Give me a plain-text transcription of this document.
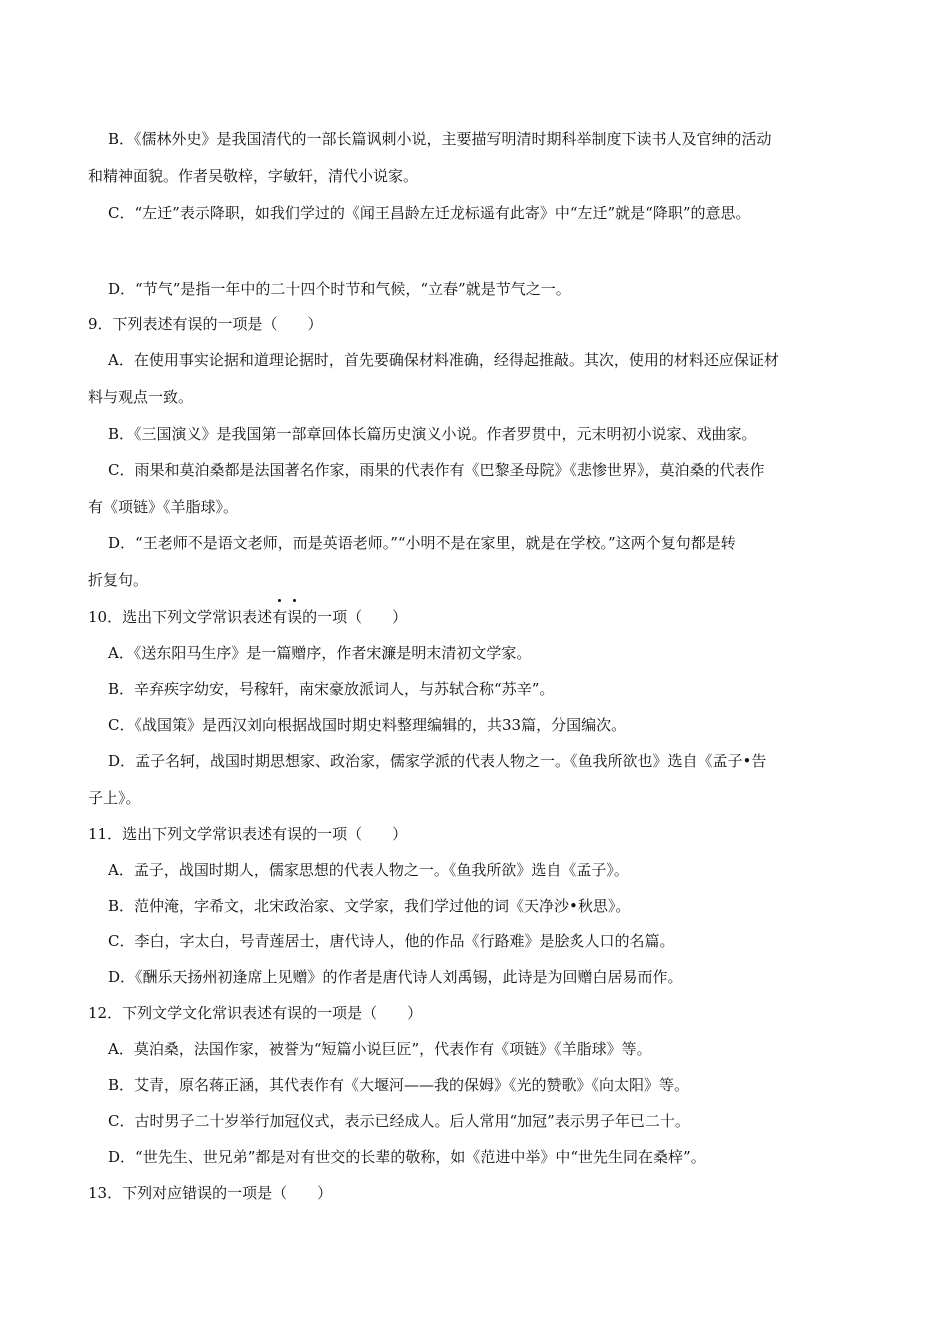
B．《儒林外史》是我国清代的一部长篇讽刺小说，主要描写明清时期科举制度下读书人及官绅的活动
和精神面貌。作者吴敬梓，字敏轩，清代小说家。
C．“左迁”表示降职，如我们学过的《闻王昌龄左迁龙标遥有此寄》中“左迁”就是“降职”的意思。
D．“节气”是指一年中的二十四个时节和气候，“立春”就是节气之一。
9．下列表述有误的一项是（　　）
A．在使用事实论据和道理论据时，首先要确保材料准确，经得起推敲。其次，使用的材料还应保证材
料与观点一致。
B．《三国演义》是我国第一部章回体长篇历史演义小说。作者罗贯中，元末明初小说家、戏曲家。
C．雨果和莫泊桑都是法国著名作家，雨果的代表作有《巴黎圣母院》《悲惨世界》，莫泊桑的代表作
有《项链》《羊脂球》。
D．“王老师不是语文老师，而是英语老师。”“小明不是在家里，就是在学校。”这两个复句都是转
折复句。
10．选出下列文学常识表述有误的一项（　　）
A．《送东阳马生序》是一篇赠序，作者宋濂是明末清初文学家。
B．辛弃疾字幼安，号稼轩，南宋豪放派词人，与苏轼合称“苏辛”。
C．《战国策》是西汉刘向根据战国时期史料整理编辑的，共33篇，分国编次。
D．孟子名轲，战国时期思想家、政治家，儒家学派的代表人物之一。《鱼我所欲也》选自《孟子•告
子上》。
11．选出下列文学常识表述有误的一项（　　）
A．孟子，战国时期人，儒家思想的代表人物之一。《鱼我所欲》选自《孟子》。
B．范仲淹，字希文，北宋政治家、文学家，我们学过他的词《天净沙•秋思》。
C．李白，字太白，号青莲居士，唐代诗人，他的作品《行路难》是脍炙人口的名篇。
D．《酬乐天扬州初逢席上见赠》的作者是唐代诗人刘禹锡，此诗是为回赠白居易而作。
12．下列文学文化常识表述有误的一项是（　　）
A．莫泊桑，法国作家，被誉为“短篇小说巨匠”，代表作有《项链》《羊脂球》等。
B．艾青，原名蒋正涵，其代表作有《大堰河——我的保姆》《光的赞歌》《向太阳》等。
C．古时男子二十岁举行加冠仪式，表示已经成人。后人常用“加冠”表示男子年已二十。
D．“世先生、世兄弟”都是对有世交的长辈的敬称，如《范进中举》中“世先生同在桑梓”。
13．下列对应错误的一项是（　　）
